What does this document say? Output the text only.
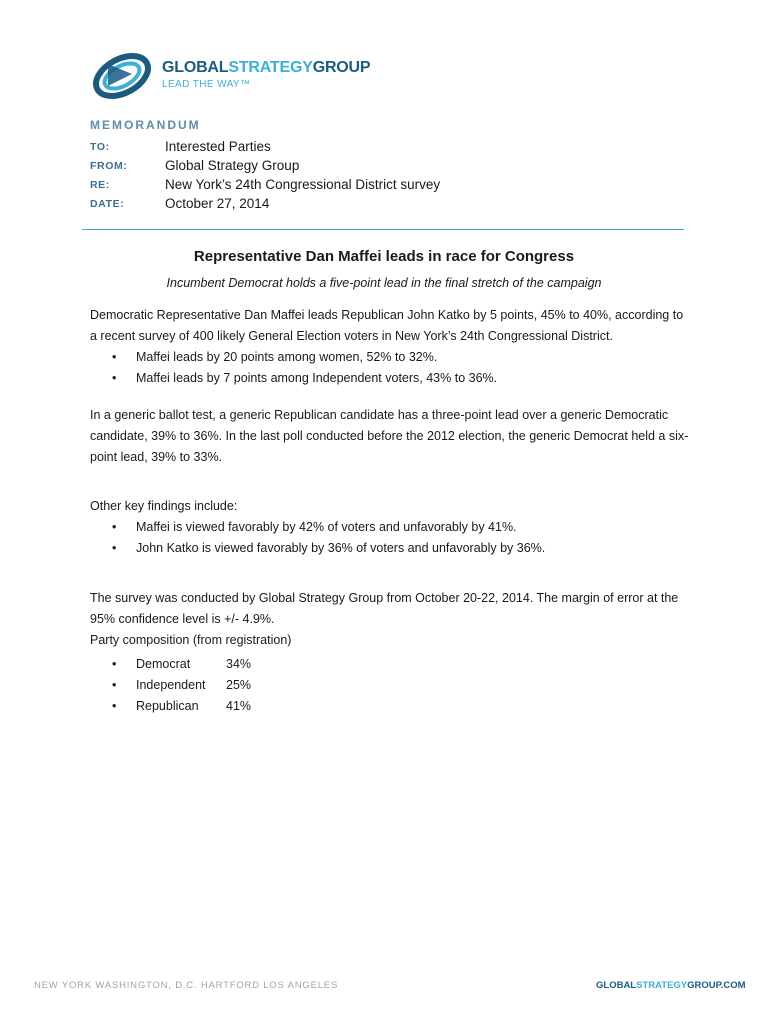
GLOBALSTRATEGYGROUP
LEAD THE WAY™
MEMORANDUM
TO:	Interested Parties
FROM:	Global Strategy Group
RE:	New York’s 24th Congressional District survey
DATE:	October 27, 2014
Representative Dan Maffei leads in race for Congress
Incumbent Democrat holds a five-point lead in the final stretch of the campaign

Democratic Representative Dan Maffei leads Republican John Katko by 5 points, 45% to 40%, according to a recent survey of 400 likely General Election voters in New York’s 24th Congressional District.

• Maffei leads by 20 points among women, 52% to 32%.
• Maffei leads by 7 points among Independent voters, 43% to 36%.

In a generic ballot test, a generic Republican candidate has a three-point lead over a generic Democratic candidate, 39% to 36%. In the last poll conducted before the 2012 election, the generic Democrat held a six-point lead, 39% to 33%.

Other key findings include:

• Maffei is viewed favorably by 42% of voters and unfavorably by 41%.
• John Katko is viewed favorably by 36% of voters and unfavorably by 36%.

The survey was conducted by Global Strategy Group from October 20-22, 2014. The margin of error at the 95% confidence level is +/- 4.9%.

Party composition (from registration)

• Democrat	34%
• Independent 25%
• Republican 41%
NEW YORK WASHINGTON, D.C. HARTFORD LOS ANGELES	GLOBALSTRATEGYGROUP.COM
